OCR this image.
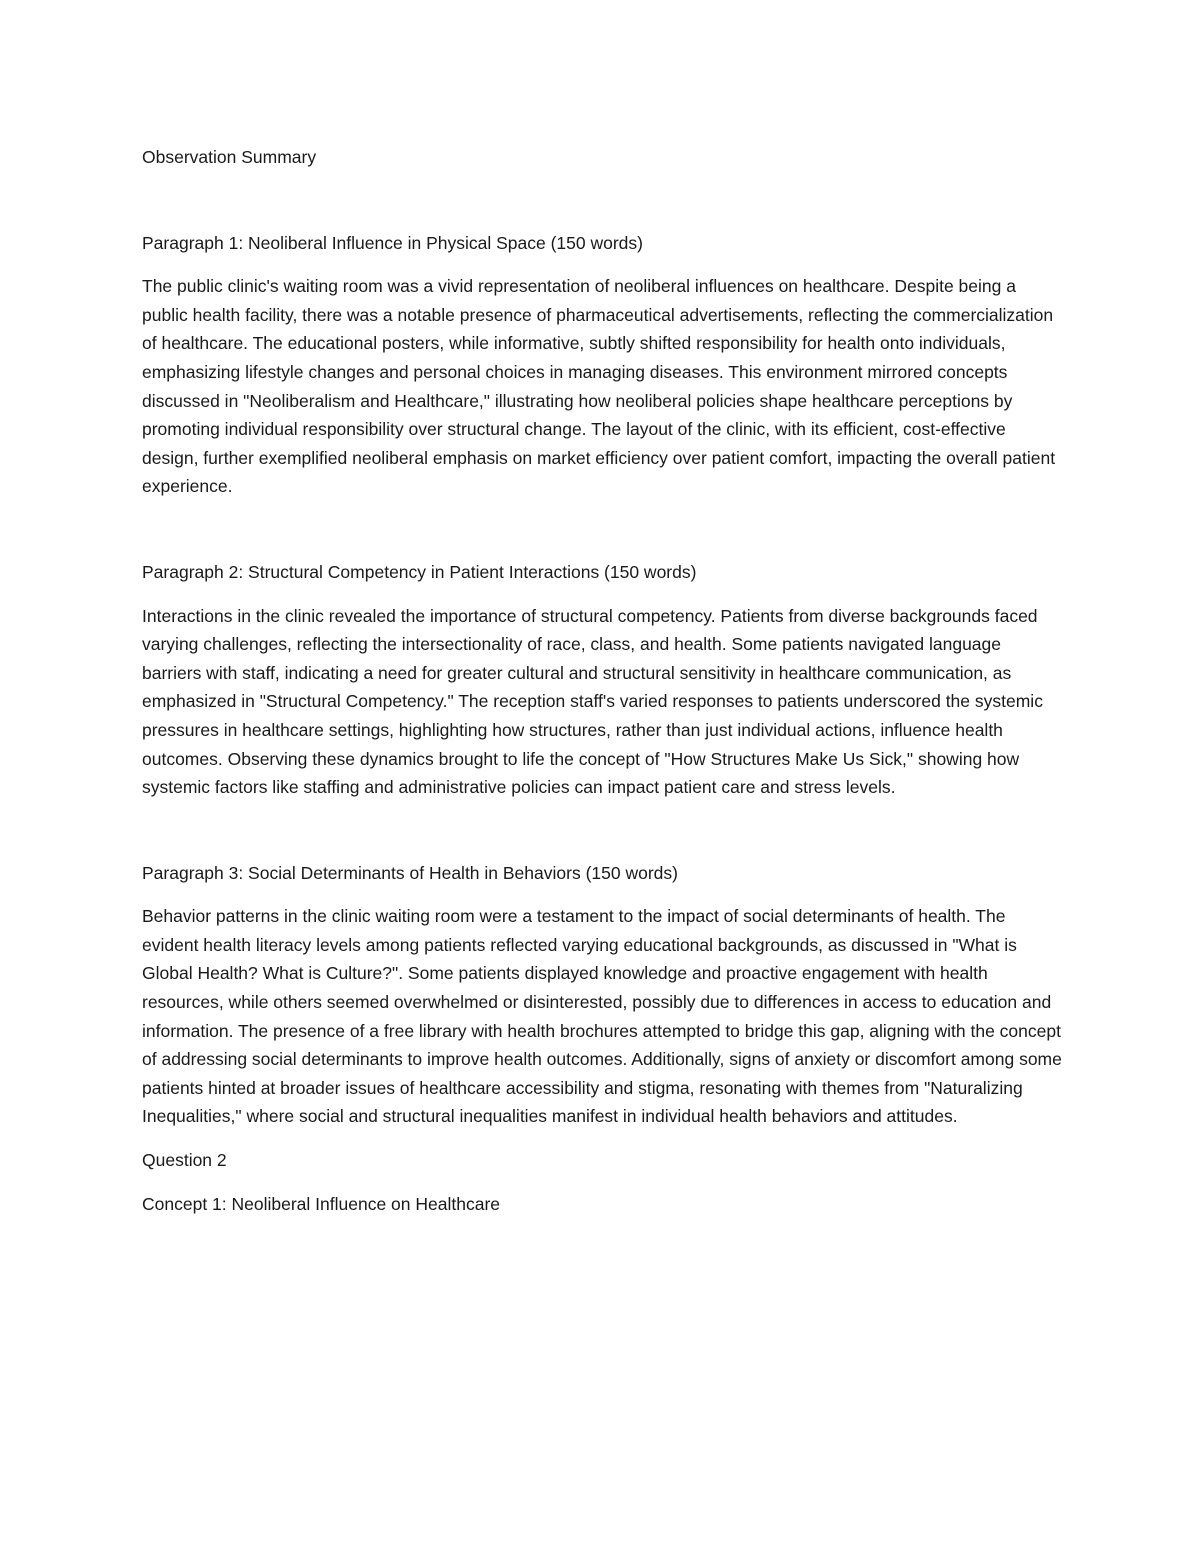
Observation Summary

Paragraph 1: Neoliberal Influence in Physical Space (150 words)

The public clinic's waiting room was a vivid representation of neoliberal influences on healthcare. Despite being a public health facility, there was a notable presence of pharmaceutical advertisements, reflecting the commercialization of healthcare. The educational posters, while informative, subtly shifted responsibility for health onto individuals, emphasizing lifestyle changes and personal choices in managing diseases. This environment mirrored concepts discussed in "Neoliberalism and Healthcare," illustrating how neoliberal policies shape healthcare perceptions by promoting individual responsibility over structural change. The layout of the clinic, with its efficient, cost-effective design, further exemplified neoliberal emphasis on market efficiency over patient comfort, impacting the overall patient experience.

Paragraph 2: Structural Competency in Patient Interactions (150 words)

Interactions in the clinic revealed the importance of structural competency. Patients from diverse backgrounds faced varying challenges, reflecting the intersectionality of race, class, and health. Some patients navigated language barriers with staff, indicating a need for greater cultural and structural sensitivity in healthcare communication, as emphasized in "Structural Competency." The reception staff's varied responses to patients underscored the systemic pressures in healthcare settings, highlighting how structures, rather than just individual actions, influence health outcomes. Observing these dynamics brought to life the concept of "How Structures Make Us Sick," showing how systemic factors like staffing and administrative policies can impact patient care and stress levels.

Paragraph 3: Social Determinants of Health in Behaviors (150 words)

Behavior patterns in the clinic waiting room were a testament to the impact of social determinants of health. The evident health literacy levels among patients reflected varying educational backgrounds, as discussed in "What is Global Health? What is Culture?". Some patients displayed knowledge and proactive engagement with health resources, while others seemed overwhelmed or disinterested, possibly due to differences in access to education and information. The presence of a free library with health brochures attempted to bridge this gap, aligning with the concept of addressing social determinants to improve health outcomes. Additionally, signs of anxiety or discomfort among some patients hinted at broader issues of healthcare accessibility and stigma, resonating with themes from "Naturalizing Inequalities," where social and structural inequalities manifest in individual health behaviors and attitudes.

Question 2

Concept 1: Neoliberal Influence on Healthcare
